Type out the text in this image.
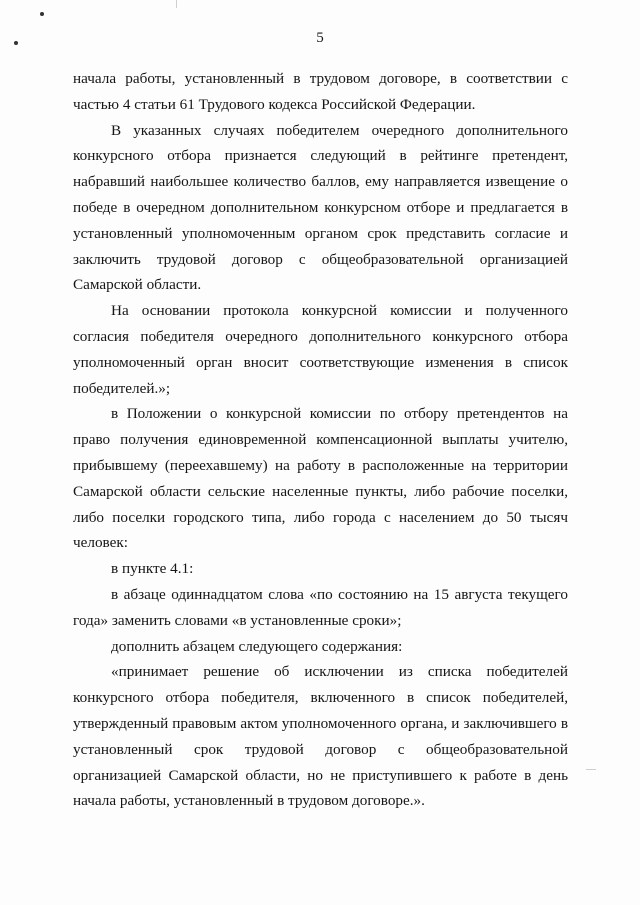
5

начала работы, установленный в трудовом договоре, в соответствии с частью 4 статьи 61 Трудового кодекса Российской Федерации.

В указанных случаях победителем очередного дополнительного конкурсного отбора признается следующий в рейтинге претендент, набравший наибольшее количество баллов, ему направляется извещение о победе в очередном дополнительном конкурсном отборе и предлагается в установленный уполномоченным органом срок представить согласие и заключить трудовой договор с общеобразовательной организацией Самарской области.

На основании протокола конкурсной комиссии и полученного согласия победителя очередного дополнительного конкурсного отбора уполномоченный орган вносит соответствующие изменения в список победителей.»;

в Положении о конкурсной комиссии по отбору претендентов на право получения единовременной компенсационной выплаты учителю, прибывшему (переехавшему) на работу в расположенные на территории Самарской области сельские населенные пункты, либо рабочие поселки, либо поселки городского типа, либо города с населением до 50 тысяч человек:

в пункте 4.1:

в абзаце одиннадцатом слова «по состоянию на 15 августа текущего года» заменить словами «в установленные сроки»;

дополнить абзацем следующего содержания:

«принимает решение об исключении из списка победителей конкурсного отбора победителя, включенного в список победителей, утвержденный правовым актом уполномоченного органа, и заключившего в установленный срок трудовой договор с общеобразовательной организацией Самарской области, но не приступившего к работе в день начала работы, установленный в трудовом договоре.».
